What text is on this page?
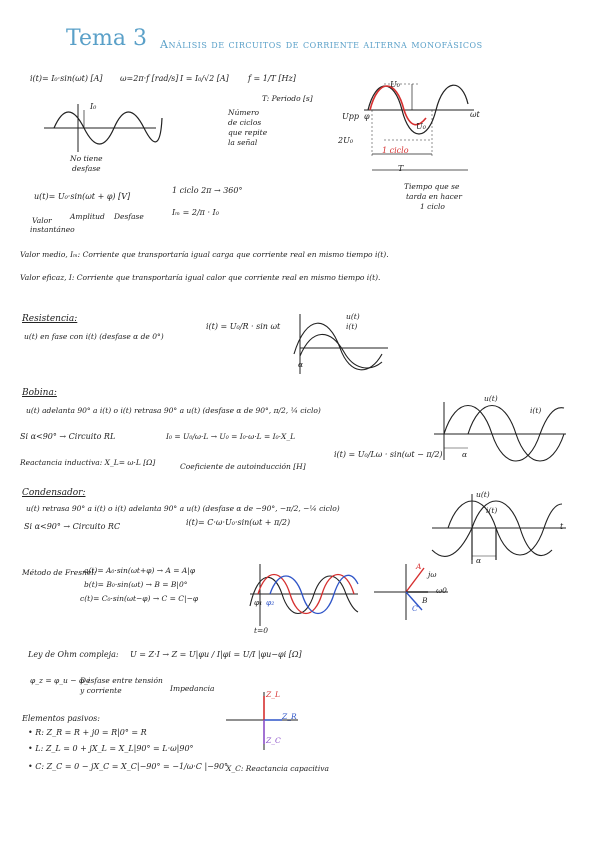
Tema 3 Análisis de circuitos de corriente alterna monofásicos
i(t)= I₀·sin(ωt) [A] ω=2π·f [rad/s] I = I₀/√2 [A] f = 1/T [Hz]
T: Periodo [s]
Número
de ciclos
que repite
la señal
I₀
No tiene
desfase
U₀
Upp
2U₀
U₀
ωt
φ
1 ciclo
T
Tiempo que se
tarda en hacer
1 ciclo
u(t)= U₀·sin(ωt + φ) [V]
Valor
instantáneo
Amplitud Desfase
1 ciclo 2π → 360°
Iₘ = 2/π · I₀
Valor medio, Iₘ: Corriente que transportaría igual carga que corriente real en mismo tiempo i(t).
Valor eficaz, I: Corriente que transportaría igual calor que corriente real en mismo tiempo i(t).
Resistencia:
u(t) en fase con i(t) (desfase α de 0°)
i(t) = U₀/R · sin ωt
u(t)
i(t)
α
Bobina:
u(t) adelanta 90° a i(t) o i(t) retrasa 90° a u(t) (desfase α de 90°, π/2, ¼ ciclo)
Si α<90° → Circuito RL	I₀ = U₀/ω·L → U₀ = I₀·ω·L = I₀·X_L
Reactancia inductiva: X_L= ω·L [Ω]	Coeficiente de autoinducción [H]
i(t) = U₀/Lω · sin(ωt − π/2)
u(t)
i(t)
α
Condensador:
u(t) retrasa 90° a i(t) o i(t) adelanta 90° a u(t) (desfase α de −90°, −π/2, −¼ ciclo)
Si α<90° → Circuito RC	i(t)= C·ω·U₀·sin(ωt + π/2)
u(t)
i(t)
α
t
Método de Fresnel:
a(t)= A₀·sin(ωt+φ) → A = A|φ
b(t)= B₀·sin(ωt) → B = B|0°
c(t)= C₀·sin(ωt−φ) → C = C|−φ	φ₁ φ₂
t=0
jω
ω0
A
B
C
Ley de Ohm compleja: U = Z·I → Z = U|φu / I|φi = U/I |φu−φi [Ω]
φ_z = φ_u − φ_i
Desfase entre tensión
y corriente	Impedancia
Elementos pasivos:
• R: Z_R = R + j0 = R|0° = R
• L: Z_L = 0 + jX_L = X_L|90° = L·ω|90°
• C: Z_C = 0 − jX_C = X_C|−90° = −1/ω·C |−90°
X_C: Reactancia capacitiva
Z_L
Z_R
Z_C
